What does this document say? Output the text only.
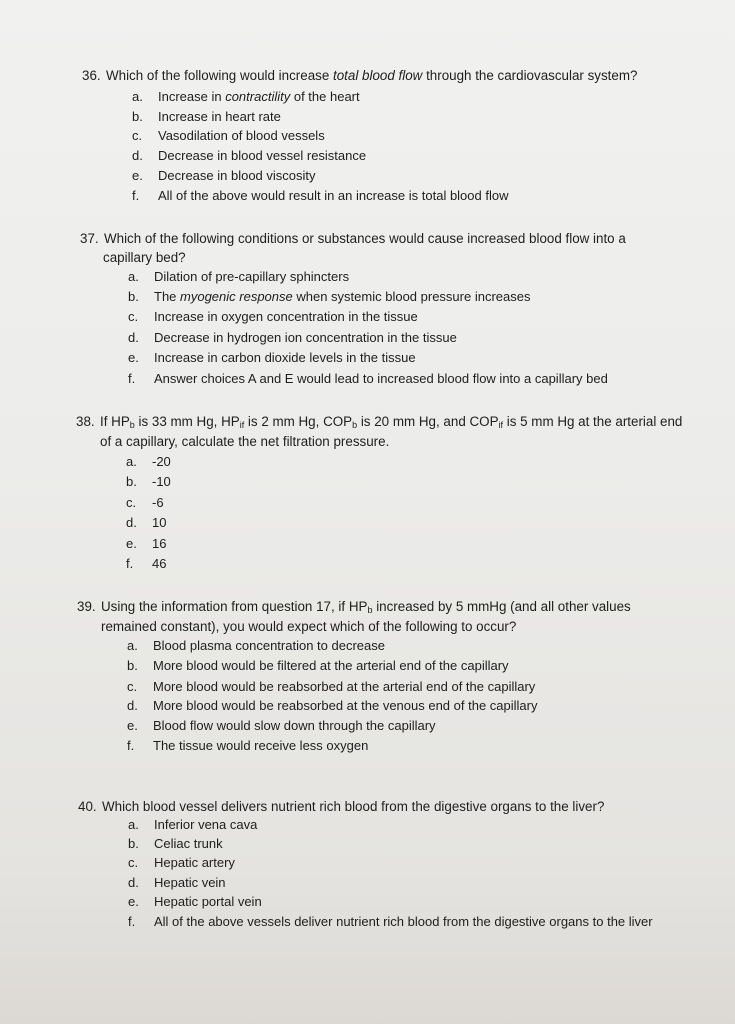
36. Which of the following would increase total blood flow through the cardiovascular system?
a. Increase in contractility of the heart
b. Increase in heart rate
c. Vasodilation of blood vessels
d. Decrease in blood vessel resistance
e. Decrease in blood viscosity
f. All of the above would result in an increase is total blood flow
37. Which of the following conditions or substances would cause increased blood flow into a
capillary bed?
a. Dilation of pre-capillary sphincters
b. The myogenic response when systemic blood pressure increases
c. Increase in oxygen concentration in the tissue
d. Decrease in hydrogen ion concentration in the tissue
e. Increase in carbon dioxide levels in the tissue
f. Answer choices A and E would lead to increased blood flow into a capillary bed
38. If $HP_b$ is 33 mm Hg, $HP_{if}$ is 2 mm Hg, $COP_b$ is 20 mm Hg, and $COP_{if}$ is 5 mm Hg at the arterial end
of a capillary, calculate the net filtration pressure.
a. -20
b. -10
c. -6
d. 10
e. 16
f. 46
39. Using the information from question 17, if $HP_b$ increased by 5 mmHg (and all other values
remained constant), you would expect which of the following to occur?
a. Blood plasma concentration to decrease
b. More blood would be filtered at the arterial end of the capillary
c. More blood would be reabsorbed at the arterial end of the capillary
d. More blood would be reabsorbed at the venous end of the capillary
e. Blood flow would slow down through the capillary
f. The tissue would receive less oxygen
40. Which blood vessel delivers nutrient rich blood from the digestive organs to the liver?
a. Inferior vena cava
b. Celiac trunk
c. Hepatic artery
d. Hepatic vein
e. Hepatic portal vein
f. All of the above vessels deliver nutrient rich blood from the digestive organs to the liver
